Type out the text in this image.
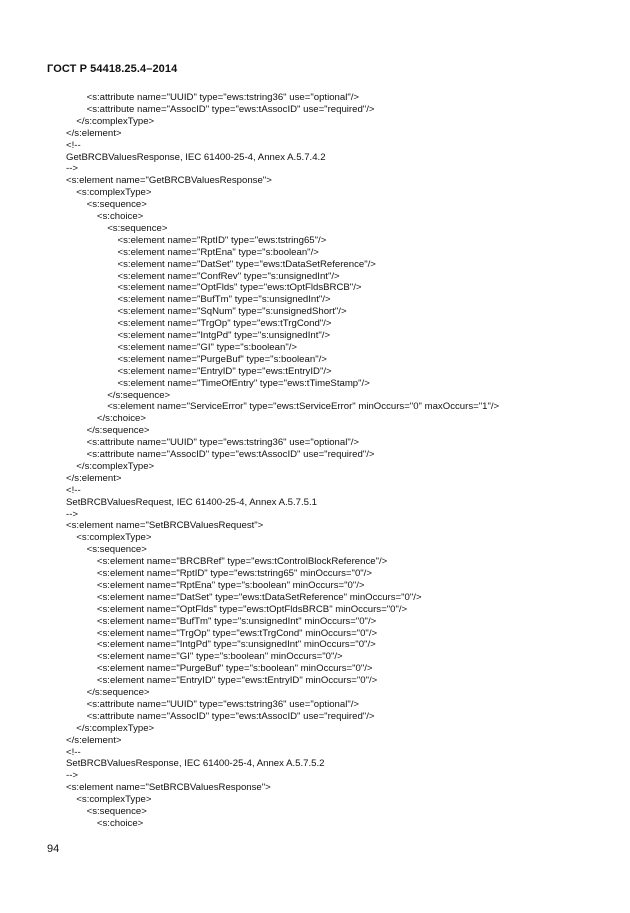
ГОСТ Р 54418.25.4–2014
<s:attribute name="UUID" type="ews:tstring36" use="optional"/>
<s:attribute name="AssocID" type="ews:tAssocID" use="required"/>
</s:complexType>
</s:element>
<!--
GetBRCBValuesResponse, IEC 61400-25-4, Annex A.5.7.4.2
-->
<s:element name="GetBRCBValuesResponse">
<s:complexType>
<s:sequence>
<s:choice>
<s:sequence>
<s:element name="RptID" type="ews:tstring65"/>
<s:element name="RptEna" type="s:boolean"/>
<s:element name="DatSet" type="ews:tDataSetReference"/>
<s:element name="ConfRev" type="s:unsignedInt"/>
<s:element name="OptFlds" type="ews:tOptFldsBRCB"/>
<s:element name="BufTm" type="s:unsignedInt"/>
<s:element name="SqNum" type="s:unsignedShort"/>
<s:element name="TrgOp" type="ews:tTrgCond"/>
<s:element name="IntgPd" type="s:unsignedInt"/>
<s:element name="GI" type="s:boolean"/>
<s:element name="PurgeBuf" type="s:boolean"/>
<s:element name="EntryID" type="ews:tEntryID"/>
<s:element name="TimeOfEntry" type="ews:tTimeStamp"/>
</s:sequence>
<s:element name="ServiceError" type="ews:tServiceError" minOccurs="0" maxOccurs="1"/>
</s:choice>
</s:sequence>
<s:attribute name="UUID" type="ews:tstring36" use="optional"/>
<s:attribute name="AssocID" type="ews:tAssocID" use="required"/>
</s:complexType>
</s:element>
<!--
SetBRCBValuesRequest, IEC 61400-25-4, Annex A.5.7.5.1
-->
<s:element name="SetBRCBValuesRequest">
<s:complexType>
<s:sequence>
<s:element name="BRCBRef" type="ews:tControlBlockReference"/>
<s:element name="RptID" type="ews:tstring65" minOccurs="0"/>
<s:element name="RptEna" type="s:boolean" minOccurs="0"/>
<s:element name="DatSet" type="ews:tDataSetReference" minOccurs="0"/>
<s:element name="OptFlds" type="ews:tOptFldsBRCB" minOccurs="0"/>
<s:element name="BufTm" type="s:unsignedInt" minOccurs="0"/>
<s:element name="TrgOp" type="ews:tTrgCond" minOccurs="0"/>
<s:element name="IntgPd" type="s:unsignedInt" minOccurs="0"/>
<s:element name="GI" type="s:boolean" minOccurs="0"/>
<s:element name="PurgeBuf" type="s:boolean" minOccurs="0"/>
<s:element name="EntryID" type="ews:tEntryID" minOccurs="0"/>
</s:sequence>
<s:attribute name="UUID" type="ews:tstring36" use="optional"/>
<s:attribute name="AssocID" type="ews:tAssocID" use="required"/>
</s:complexType>
</s:element>
<!--
SetBRCBValuesResponse, IEC 61400-25-4, Annex A.5.7.5.2
-->
<s:element name="SetBRCBValuesResponse">
<s:complexType>
<s:sequence>
<s:choice>
94
